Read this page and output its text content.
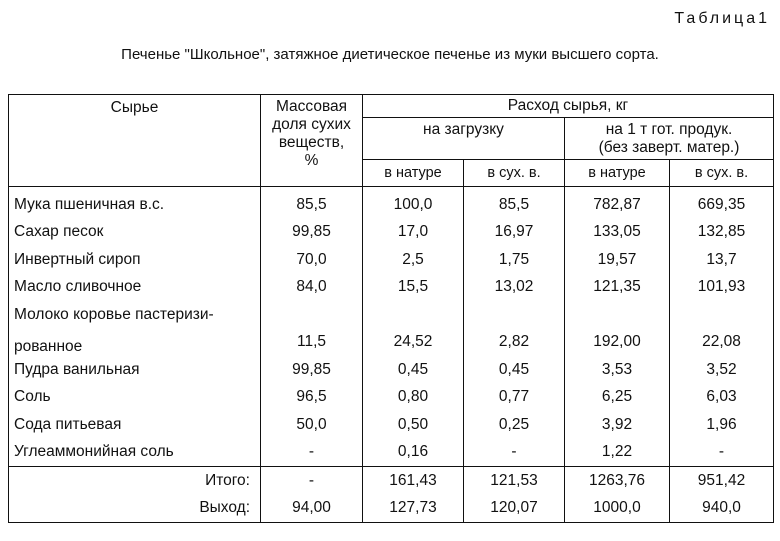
Таблица1
Печенье "Школьное", затяжное диетическое печенье из муки высшего сорта.
Сырье	Массовая
доля сухих
веществ,
%	Расход сырья, кг			
		на загрузку		на 1 т гот. продук.
(без заверт. матер.)	

		в натуре	в сух. в.	в натуре	в сух. в.
Мука пшеничная в.с.	85,5	100,0	85,5	782,87	669,35
Сахар песок	99,85	17,0	16,97	133,05	132,85
Инвертный сироп	70,0	2,5	1,75	19,57	13,7
Масло сливочное	84,0	15,5	13,02	121,35	101,93
Молоко коровье пастеризи-					
рованное	11,5	24,52	2,82	192,00	22,08
Пудра ванильная	99,85	0,45	0,45	3,53	3,52
Соль	96,5	0,80	0,77	6,25	6,03
Сода питьевая	50,0	0,50	0,25	3,92	1,96
Углеаммонийная соль	-	0,16	-	1,22	-
Итого:	-	161,43	121,53	1263,76	951,42
Выход:	94,00	127,73	120,07	1000,0	940,0
